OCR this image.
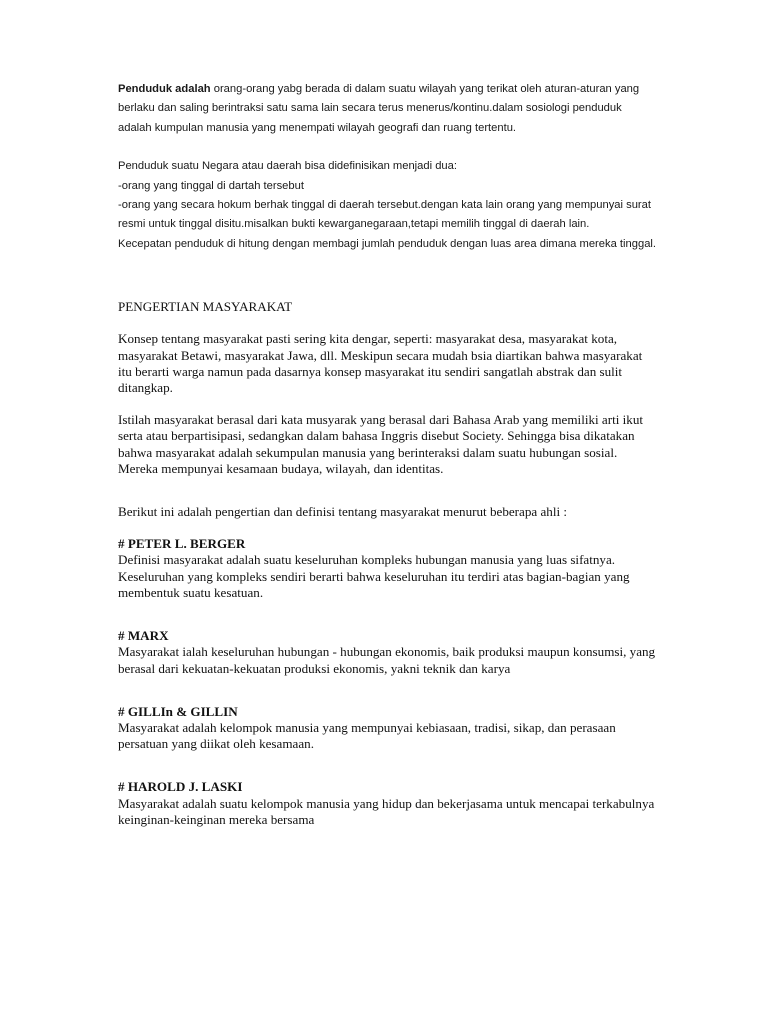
Penduduk adalah orang-orang yabg berada di dalam suatu wilayah yang terikat oleh aturan-aturan yang berlaku dan saling berintraksi satu sama lain secara terus menerus/kontinu.dalam sosiologi penduduk adalah kumpulan manusia yang menempati wilayah geografi dan ruang tertentu.

Penduduk suatu Negara atau daerah bisa didefinisikan menjadi dua:
-orang yang tinggal di dartah tersebut
-orang yang secara hokum berhak tinggal di daerah tersebut.dengan kata lain orang yang mempunyai surat resmi untuk tinggal disitu.misalkan bukti kewarganegaraan,tetapi memilih tinggal di daerah lain.
Kecepatan penduduk di hitung dengan membagi jumlah penduduk dengan luas area dimana mereka tinggal.

PENGERTIAN MASYARAKAT

Konsep tentang masyarakat pasti sering kita dengar, seperti: masyarakat desa, masyarakat kota, masyarakat Betawi, masyarakat Jawa, dll. Meskipun secara mudah bsia diartikan bahwa masyarakat itu berarti warga namun pada dasarnya konsep masyarakat itu sendiri sangatlah abstrak dan sulit ditangkap.

Istilah masyarakat berasal dari kata musyarak yang berasal dari Bahasa Arab yang memiliki arti ikut serta atau berpartisipasi, sedangkan dalam bahasa Inggris disebut Society. Sehingga bisa dikatakan bahwa masyarakat adalah sekumpulan manusia yang berinteraksi dalam suatu hubungan sosial. Mereka mempunyai kesamaan budaya, wilayah, dan identitas.

Berikut ini adalah pengertian dan definisi tentang masyarakat menurut beberapa ahli :

# PETER L. BERGER

Definisi masyarakat adalah suatu keseluruhan kompleks hubungan manusia yang luas sifatnya. Keseluruhan yang kompleks sendiri berarti bahwa keseluruhan itu terdiri atas bagian-bagian yang membentuk suatu kesatuan.

# MARX

Masyarakat ialah keseluruhan hubungan - hubungan ekonomis, baik produksi maupun konsumsi, yang berasal dari kekuatan-kekuatan produksi ekonomis, yakni teknik dan karya

# GILLIn & GILLIN

Masyarakat adalah kelompok manusia yang mempunyai kebiasaan, tradisi, sikap, dan perasaan persatuan yang diikat oleh kesamaan.

# HAROLD J. LASKI

Masyarakat adalah suatu kelompok manusia yang hidup dan bekerjasama untuk mencapai terkabulnya keinginan-keinginan mereka bersama
